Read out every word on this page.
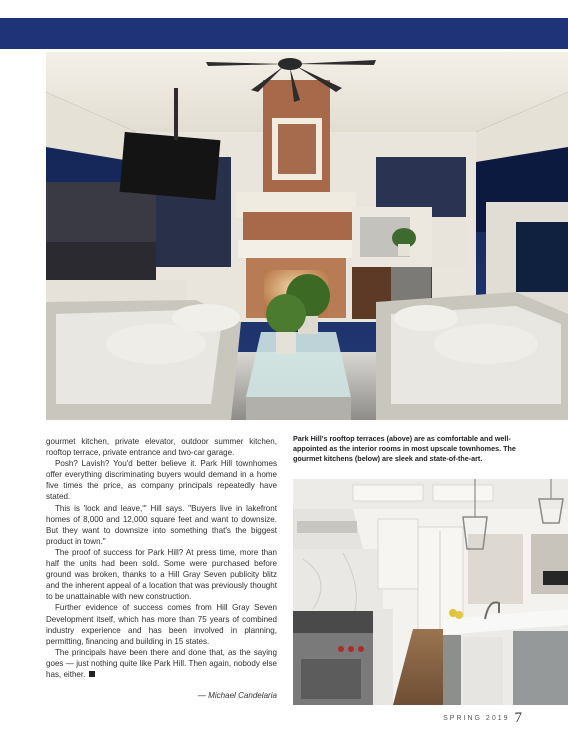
gourmet kitchen, private elevator, outdoor summer kitchen, rooftop terrace, private entrance and two-car garage.

Posh? Lavish? You'd better believe it. Park Hill townhomes offer everything discriminating buyers would demand in a home five times the price, as company principals repeatedly have stated.

This is 'lock and leave,'" Hill says. "Buyers live in lakefront homes of 8,000 and 12,000 square feet and want to downsize. But they want to downsize into something that's the biggest product in town."

The proof of success for Park Hill? At press time, more than half the units had been sold. Some were purchased before ground was broken, thanks to a Hill Gray Seven publicity blitz and the inherent appeal of a location that was previously thought to be unattainable with new construction.

Further evidence of success comes from Hill Gray Seven Development itself, which has more than 75 years of combined industry experience and has been involved in planning, permitting, financing and building in 15 states.

The principals have been there and done that, as the saying goes — just nothing quite like Park Hill. Then again, nobody else has, either.

— Michael Candelaria
Park Hill's rooftop terraces (above) are as comfortable and well-appointed as the interior rooms in most upscale townhomes. The gourmet kitchens (below) are sleek and state-of-the-art.
SPRING 2019 7
